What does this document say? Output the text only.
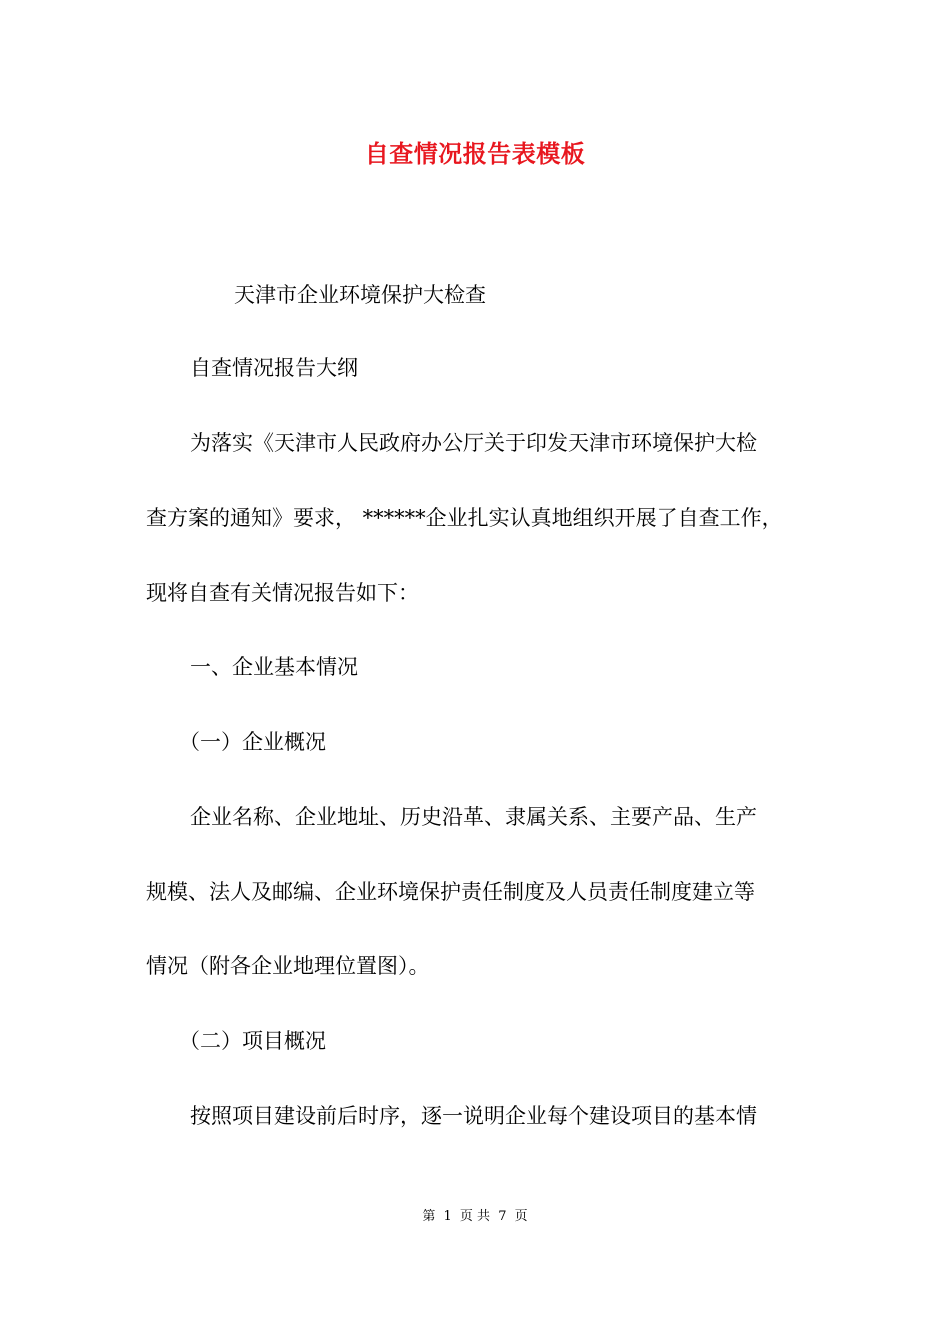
自查情况报告表模板
天津市企业环境保护大检查
自查情况报告大纲
为落实《天津市人民政府办公厅关于印发天津市环境保护大检
查方案的通知》要求， ******企业扎实认真地组织开展了自查工作，
现将自查有关情况报告如下：
一、企业基本情况
（一）企业概况
企业名称、企业地址、历史沿革、隶属关系、主要产品、生产
规模、法人及邮编、企业环境保护责任制度及人员责任制度建立等
情况（附各企业地理位置图）。
（二）项目概况
按照项目建设前后时序，逐一说明企业每个建设项目的基本情
第 1 页 共 7 页
